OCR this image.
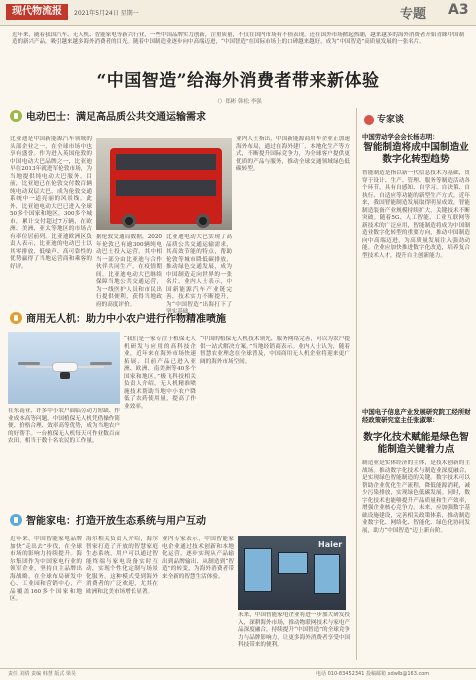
现代物流报	2021年5月24日 星期一	专题 A3
近年来，随着我国汽车、无人机、智能家电等新兴行业，一些中国品牌实力创新，注重质量，不仅在国内市场有不俗表现，还在国外市场掀起热潮，越来越多的海外消费者开始青睐中国制造的新兴产品，吸引越来越多海外消费者的目光。随着中国制造业逐步向中高端迈进，“中国智造”在国际市场上的口碑越来越好，成为“中国智造”高质量发展的一张名片。
“中国智造”给海外消费者带来新体验
（）郑彬 韩松 李强
电动巴士：满足高品质公共交通运输需求
比亚迪是中国新能源汽车领域的头部企业之一，在全球市场中也享有盛誉。作为进入英国伦敦的中国电动大巴品牌之一，比亚迪早在2013年就进军伦敦市场，为当地提供纯电动大巴服务。目前，比亚迪已在伦敦交付数百辆纯电动双层大巴，成为伦敦交通系统中一道亮丽的风景线。此外，比亚迪电动大巴已进入全球50多个国家和地区，300多个城市，累计交付超过7万辆，在欧洲、美洲、亚太等地区的市场占有率位居前列。比亚迪欧洲区负责人表示，比亚迪的电动巴士以其零排放、低噪声、高可靠性的优势赢得了当地运营商和乘客的好评。
据伦敦交通局数据，2020年伦敦已有逾300辆纯电动巴士投入运营，其中相当一部分由比亚迪与合作伙伴共同生产。在疫情期间，比亚迪电动大巴继续保障当地公共交通运营，为一线医护人员和市民出行提供便利，获得当地政府的高度评价。
比亚迪电动大巴实现了高品质公共交通运输需求，其高效节能的特点，帮助伦敦等城市降低碳排放，推动绿色交通发展，成为中国制造走向世界的一张名片。业内人士表示，中国新能源汽车产业链完善，技术实力不断提升，为“中国智造”出海打下了坚实基础。
业内人士指出，中国新能源商用车企业正加速海外布局，通过在海外建厂、本地化生产等方式，不断提升国际竞争力，为全球客户提供更优质的产品与服务，推动全球交通领域绿色低碳转型。
商用无人机：助力中小农户进行作物精准喷施
“我们是一家专注于植保无人机研发与应用的高科技企业，近年来在海外市场快速拓展，目前产品已进入亚洲、欧洲、南美洲等40多个国家和地区。”极飞科技相关负责人介绍，无人机精准喷施技术帮助当地中小农户降低了农药使用量，提高了作业效率。
在东南亚，许多中小农户面临劳动力短缺、作业成本高等问题。中国植保无人机凭借操作简便、价格合理、效率高等优势，成为当地农户的好帮手。一台植保无人机每天可作业数百亩农田，相当于数十名农民的工作量。
“中国的植保无人机技术领先，服务网络完善，可以为农户提供一站式解决方案。”当地经销商表示。业内人士认为，随着智慧农业理念在全球普及，中国商用无人机企业将迎来更广阔的海外市场空间。
智能家电：打造开放生态系统与用户互动
近年来，中国智能家电品牌加快“走出去”步伐，在全球市场的影响力持续提升。海尔集团作为中国家电行业的领军企业，坚持自主品牌出海战略，在全球布局研发中心、工业园和营销中心，产品覆盖160多个国家和地区。
海尔相关负责人介绍，海尔智家打造了开放的智慧家庭生态系统，用户可以通过智能终端与家电设备实时互动，实现个性化定制与场景化服务。这种模式受到海外消费者的广泛欢迎，尤其在欧洲和北美市场增长显著。
业内专家表示，中国智能家电企业通过技术创新和本地化运营，逐步实现从产品输出到品牌输出、从制造到“智造”的转变，为海外消费者带来全新的智慧生活体验。
Haier
未来，中国智能家电企业将进一步加大研发投入，深耕海外市场，推动物联网技术与家电产品深度融合，持续提升“中国智造”的全球竞争力与品牌影响力，让更多海外消费者享受中国科技带来的便利。
专家谈
中国劳动学会会长杨志明：
智能制造将成中国制造业数字化转型趋势
智能制造是指以新一代信息技术为基础，贯穿于设计、生产、管理、服务等制造活动各个环节，具有自感知、自学习、自决策、自执行、自适应等功能的新型生产方式。近年来，我国智能制造发展取得明显成效，智能制造装备产业规模持续扩大，关键技术不断突破。随着5G、人工智能、工业互联网等新技术的广泛应用，智能制造将成为中国制造业数字化转型的重要方向，推动中国制造向中高端迈进，为高质量发展注入强劲动能。企业应加快推进数字化改造，培养复合型技术人才，提升自主创新能力。
中国电子信息产业发展研究院工经所财经政策研究室主任张淑翠：
数字化技术赋能是绿色智能制造关键着力点
制造业是实体经济的主体，是技术创新的主战场。推动数字化技术与制造业深度融合，是实现绿色智能制造的关键。数字技术可以帮助企业优化生产流程，降低能源消耗，减少污染排放，实现绿色低碳发展。同时，数字化技术也能够提升产品质量和生产效率，增强企业核心竞争力。未来，应加强数字基础设施建设，完善相关政策体系，推动制造业数字化、网络化、智能化、绿色化协同发展，助力“中国智造”迈上新台阶。
责任 刘倩 责编 韩慧 版式 梁昊	电话 010-83452341 投稿邮箱 xdwlb@163.com
